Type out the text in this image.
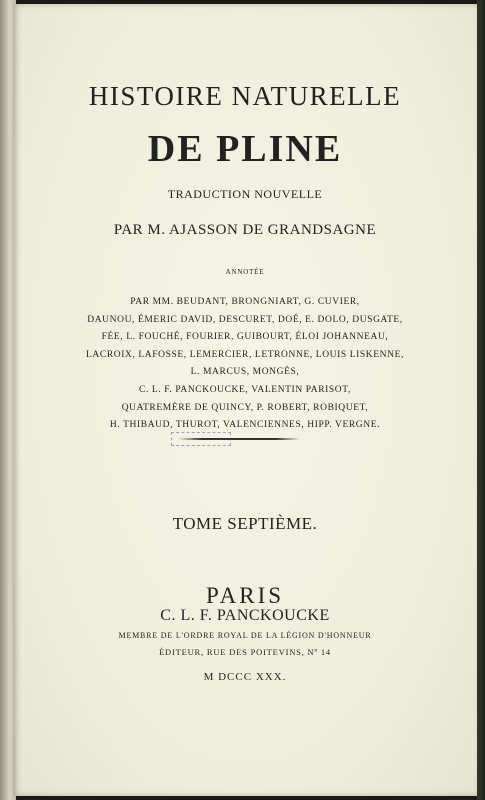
HISTOIRE NATURELLE
DE PLINE
TRADUCTION NOUVELLE
PAR M. AJASSON DE GRANDSAGNE
ANNOTÉE
PAR MM. BEUDANT, BRONGNIART, G. CUVIER,
DAUNOU, ÉMERIC DAVID, DESCURET, DOÉ, E. DOLO, DUSGATE,
FÉE, L. FOUCHÉ, FOURIER, GUIBOURT, ÉLOI JOHANNEAU,
LACROIX, LAFOSSE, LEMERCIER, LETRONNE, LOUIS LISKENNE,
L. MARCUS, MONGÈS,
C. L. F. PANCKOUCKE, VALENTIN PARISOT,
QUATREMÈRE DE QUINCY, P. ROBERT, ROBIQUET,
H. THIBAUD, THUROT, VALENCIENNES, HIPP. VERGNE.
TOME SEPTIÈME.
PARIS
C. L. F. PANCKOUCKE
MEMBRE DE L'ORDRE ROYAL DE LA LÉGION D'HONNEUR
ÉDITEUR, RUE DES POITEVINS, Nº 14
M DCCC XXX.
